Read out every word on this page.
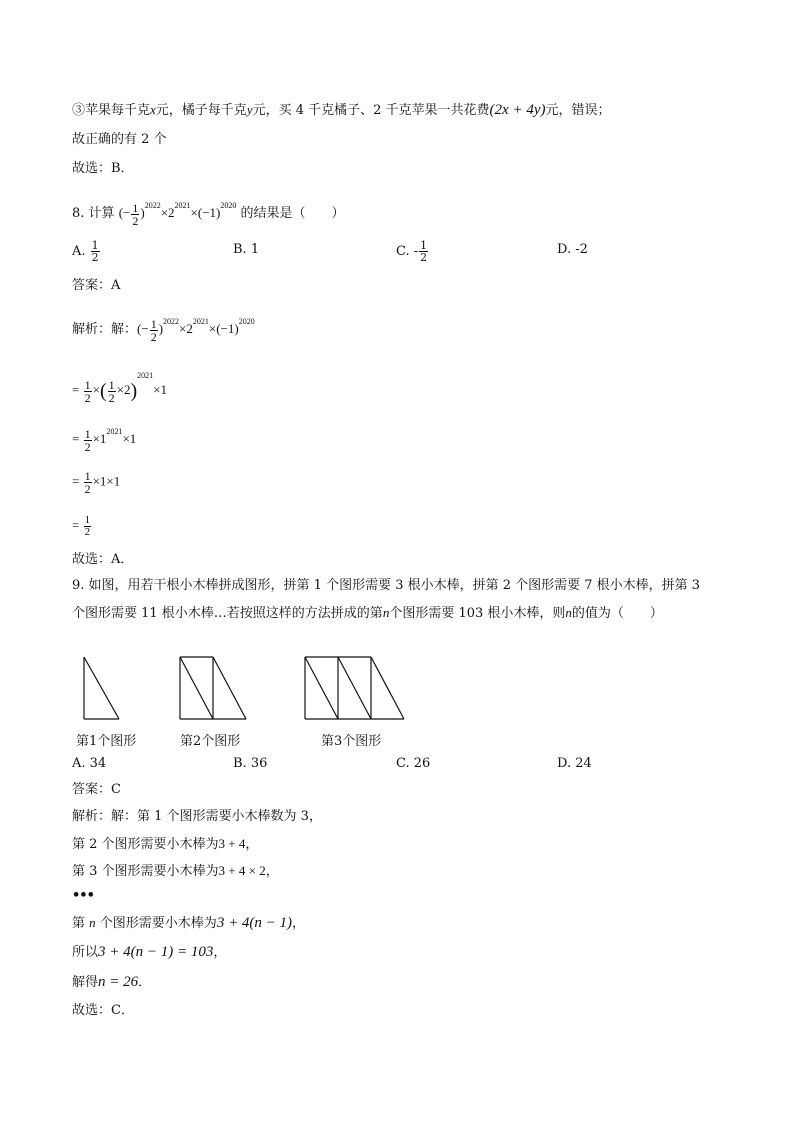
③苹果每千克x元，橘子每千克y元，买 4 千克橘子、2 千克苹果一共花费(2x + 4y)元，错误；
故正确的有 2 个
故选：B．
8. 计算 (− $\frac{1}{2} )^{2022}\times 2^{2021}\times(-1)^{2020}$ 的结果是（　　）
A. $\frac{1}{2}$	B. 1	C. - $\frac{1}{2}$	D. -2
答案：A
解析：解：(− $\frac{1}{2} )^{2022}\times 2^{2021}\times(-1)^{2020}$
= $\frac{1}{2}$ ×( $\frac{1}{2} \times 2)^{2021}\times 1$
= $\frac{1}{2} \times 1^{2021}\times 1$
= $\frac{1}{2} \times 1\times 1$
= $\frac{1}{2}$
故选：A．
9. 如图，用若干根小木棒拼成图形，拼第 1 个图形需要 3 根小木棒，拼第 2 个图形需要 7 根小木棒，拼第 3
个图形需要 11 根小木棒…若按照这样的方法拼成的第n个图形需要 103 根小木棒，则n的值为（　　）
第1个图形	第2个图形	第3个图形
A. 34	B. 36	C. 26	D. 24
答案：C
解析：解：第 1 个图形需要小木棒数为 3，
第 2 个图形需要小木棒为3 + 4，
第 3 个图形需要小木棒为3 + 4 × 2，
•••
第 n 个图形需要小木棒为3 + 4(n − 1)，
所以3 + 4(n − 1) = 103，
解得n = 26．
故选：C．
